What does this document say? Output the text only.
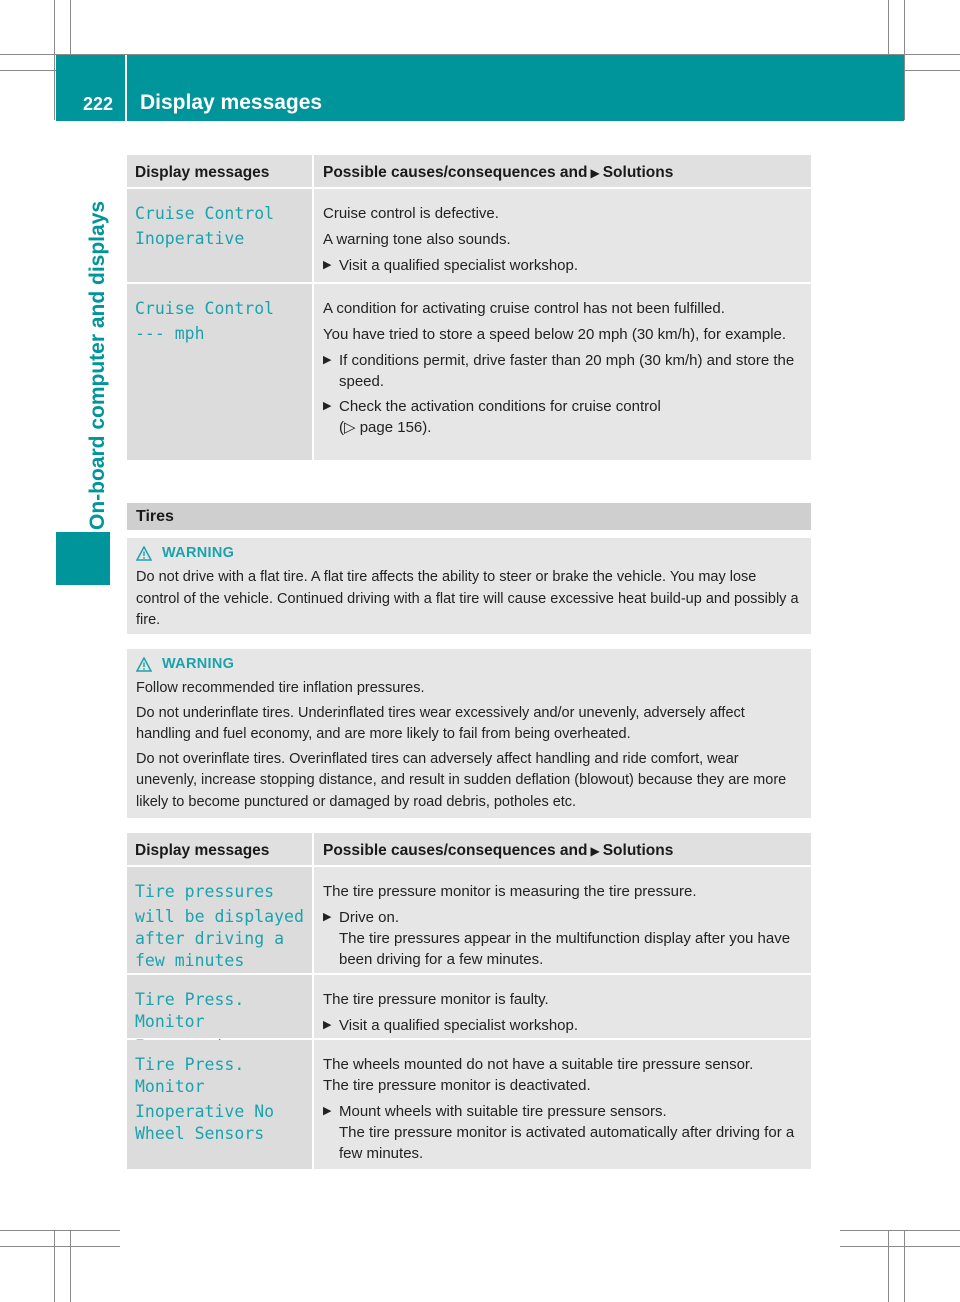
222 Display messages
On-board computer and displays
Display messages	Possible causes/consequences and ▶ Solutions
Cruise Control
Inoperative

Cruise control is defective.

A warning tone also sounds.

▶ Visit a qualified specialist workshop.
Cruise Control
--- mph

A condition for activating cruise control has not been fulfilled.

You have tried to store a speed below 20 mph (30 km/h), for example.

▶ If conditions permit, drive faster than 20 mph (30 km/h) and store the speed.
▶ Check the activation conditions for cruise control
(▷ page 156).
Tires
WARNING
Do not drive with a flat tire. A flat tire affects the ability to steer or brake the vehicle. You may lose control of the vehicle. Continued driving with a flat tire will cause excessive heat build-up and possibly a fire.
WARNING

Follow recommended tire inflation pressures.

Do not underinflate tires. Underinflated tires wear excessively and/or unevenly, adversely affect handling and fuel economy, and are more likely to fail from being overheated.

Do not overinflate tires. Overinflated tires can adversely affect handling and ride comfort, wear unevenly, increase stopping distance, and result in sudden deflation (blowout) because they are more likely to become punctured or damaged by road debris, potholes etc.

Display messages	Possible causes/consequences and ▶ Solutions
Tire pressures
will be displayed
after driving a
few minutes

The tire pressure monitor is measuring the tire pressure.

▶ Drive on.
The tire pressures appear in the multifunction display after you have been driving for a few minutes.
Tire Press. Monitor

The tire pressure monitor is faulty.

▶ Visit a qualified specialist workshop.
Tire Press. Monitor
Inoperative No
Wheel Sensors

The wheels mounted do not have a suitable tire pressure sensor.
The tire pressure monitor is deactivated.

▶ Mount wheels with suitable tire pressure sensors.
The tire pressure monitor is activated automatically after driving for a few minutes.
